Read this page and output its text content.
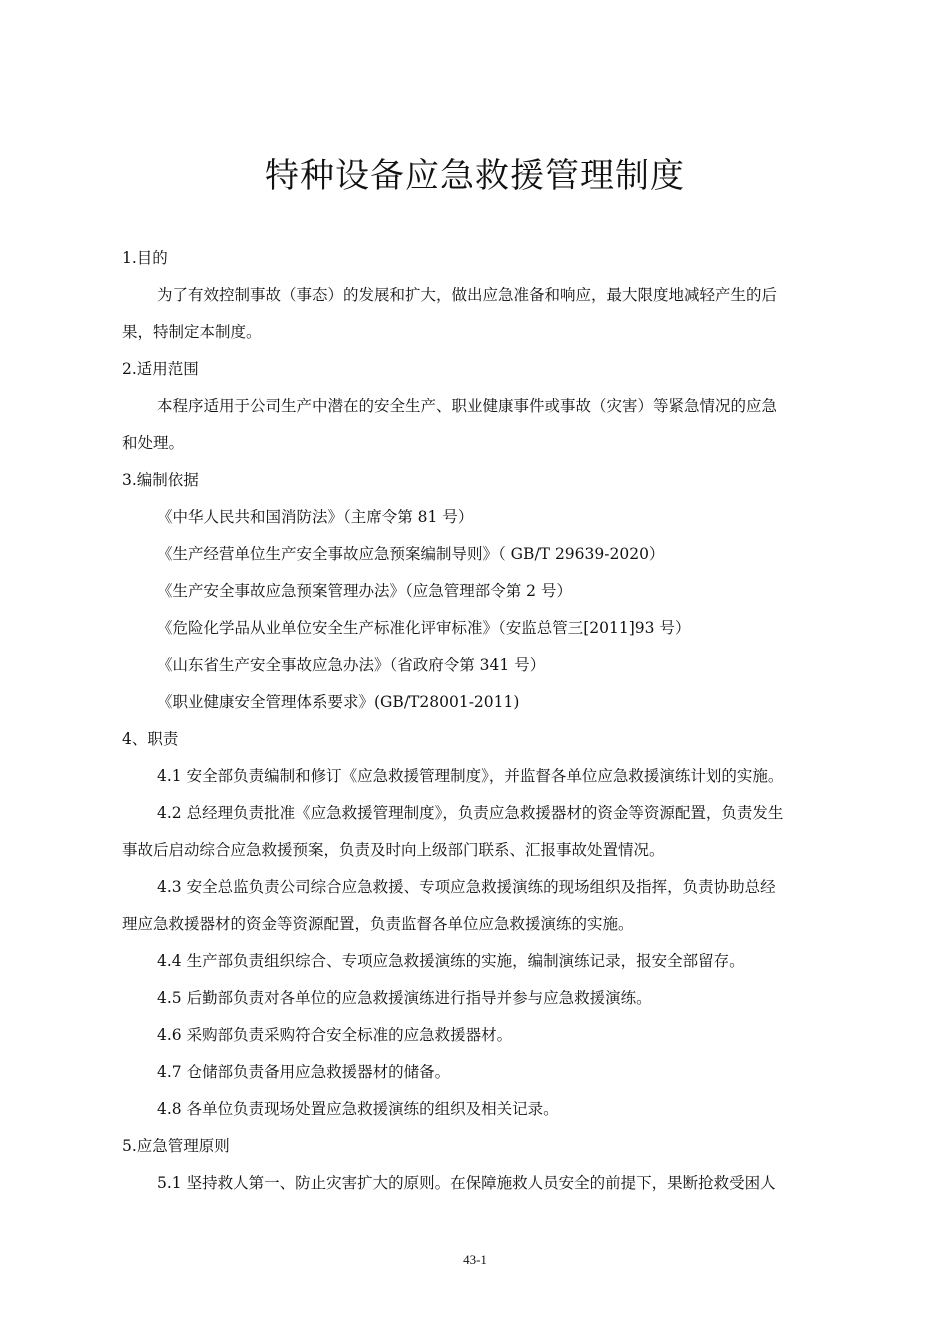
特种设备应急救援管理制度
1.目的
为了有效控制事故（事态）的发展和扩大，做出应急准备和响应，最大限度地减轻产生的后
果，特制定本制度。
2.适用范围
本程序适用于公司生产中潜在的安全生产、职业健康事件或事故（灾害）等紧急情况的应急
和处理。
3.编制依据
《中华人民共和国消防法》（主席令第 81 号）
《生产经营单位生产安全事故应急预案编制导则》（ GB/T 29639-2020）
《生产安全事故应急预案管理办法》（应急管理部令第 2 号）
《危险化学品从业单位安全生产标准化评审标准》（安监总管三[2011]93 号）
《山东省生产安全事故应急办法》（省政府令第 341 号）
《职业健康安全管理体系要求》(GB/T28001-2011)
4、职责
4.1 安全部负责编制和修订《应急救援管理制度》，并监督各单位应急救援演练计划的实施。
4.2 总经理负责批准《应急救援管理制度》，负责应急救援器材的资金等资源配置，负责发生
事故后启动综合应急救援预案，负责及时向上级部门联系、汇报事故处置情况。
4.3 安全总监负责公司综合应急救援、专项应急救援演练的现场组织及指挥，负责协助总经
理应急救援器材的资金等资源配置，负责监督各单位应急救援演练的实施。
4.4 生产部负责组织综合、专项应急救援演练的实施，编制演练记录，报安全部留存。
4.5 后勤部负责对各单位的应急救援演练进行指导并参与应急救援演练。
4.6 采购部负责采购符合安全标准的应急救援器材。
4.7 仓储部负责备用应急救援器材的储备。
4.8 各单位负责现场处置应急救援演练的组织及相关记录。
5.应急管理原则
5.1 坚持救人第一、防止灾害扩大的原则。在保障施救人员安全的前提下，果断抢救受困人
43-1
